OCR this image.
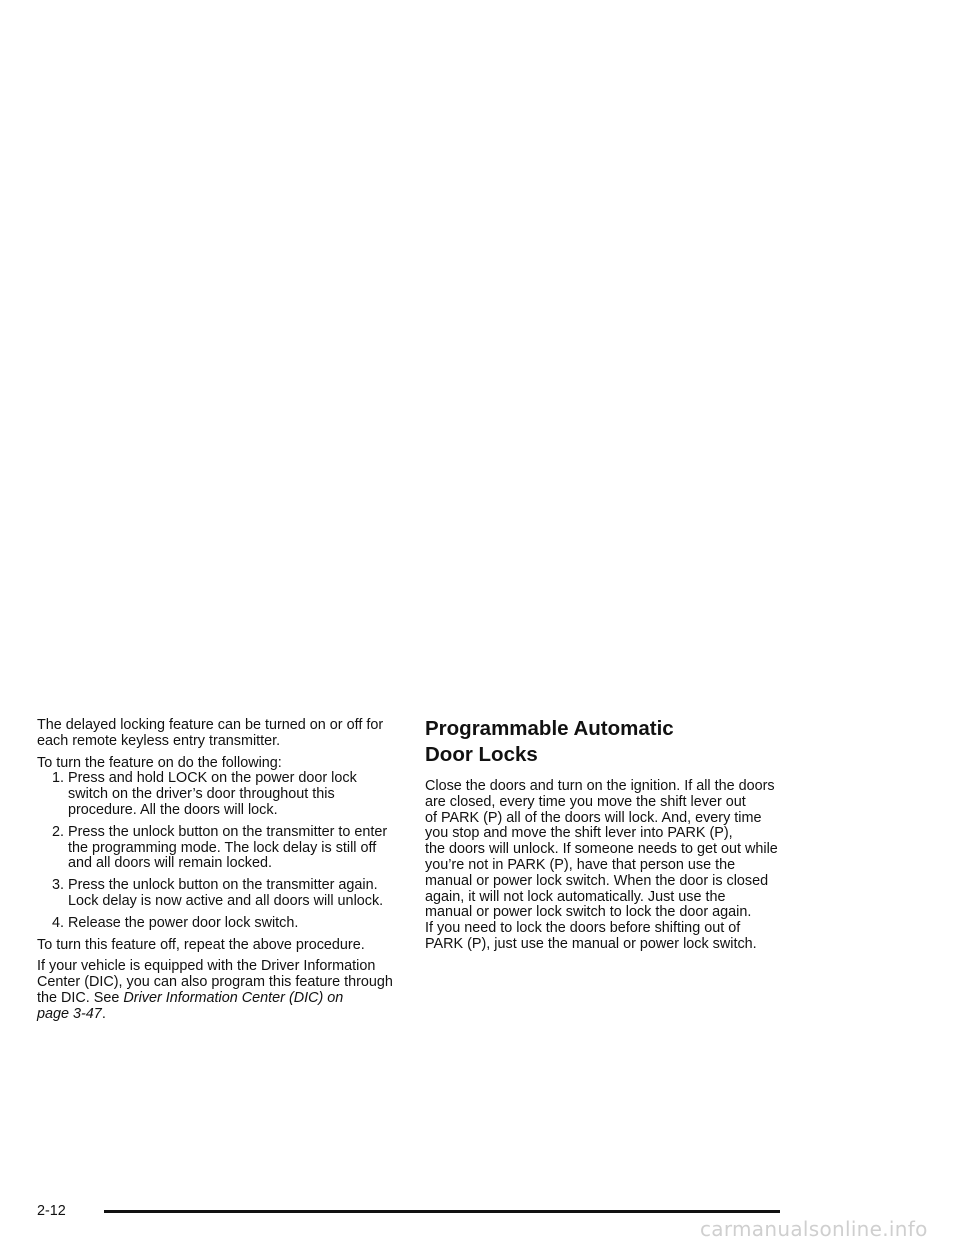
The delayed locking feature can be turned on or off for
each remote keyless entry transmitter.

To turn the feature on do the following:

1. Press and hold LOCK on the power door lock
switch on the driver’s door throughout this
procedure. All the doors will lock.
2. Press the unlock button on the transmitter to enter
the programming mode. The lock delay is still off
and all doors will remain locked.
3. Press the unlock button on the transmitter again.
Lock delay is now active and all doors will unlock.
4. Release the power door lock switch.

To turn this feature off, repeat the above procedure.

If your vehicle is equipped with the Driver Information
Center (DIC), you can also program this feature through
the DIC. See Driver Information Center (DIC) on
page 3-47.

Programmable Automatic
Door Locks

Close the doors and turn on the ignition. If all the doors
are closed, every time you move the shift lever out
of PARK (P) all of the doors will lock. And, every time
you stop and move the shift lever into PARK (P),
the doors will unlock. If someone needs to get out while
you’re not in PARK (P), have that person use the
manual or power lock switch. When the door is closed
again, it will not lock automatically. Just use the
manual or power lock switch to lock the door again.
If you need to lock the doors before shifting out of
PARK (P), just use the manual or power lock switch.

2-12
carmanualsonline.info
